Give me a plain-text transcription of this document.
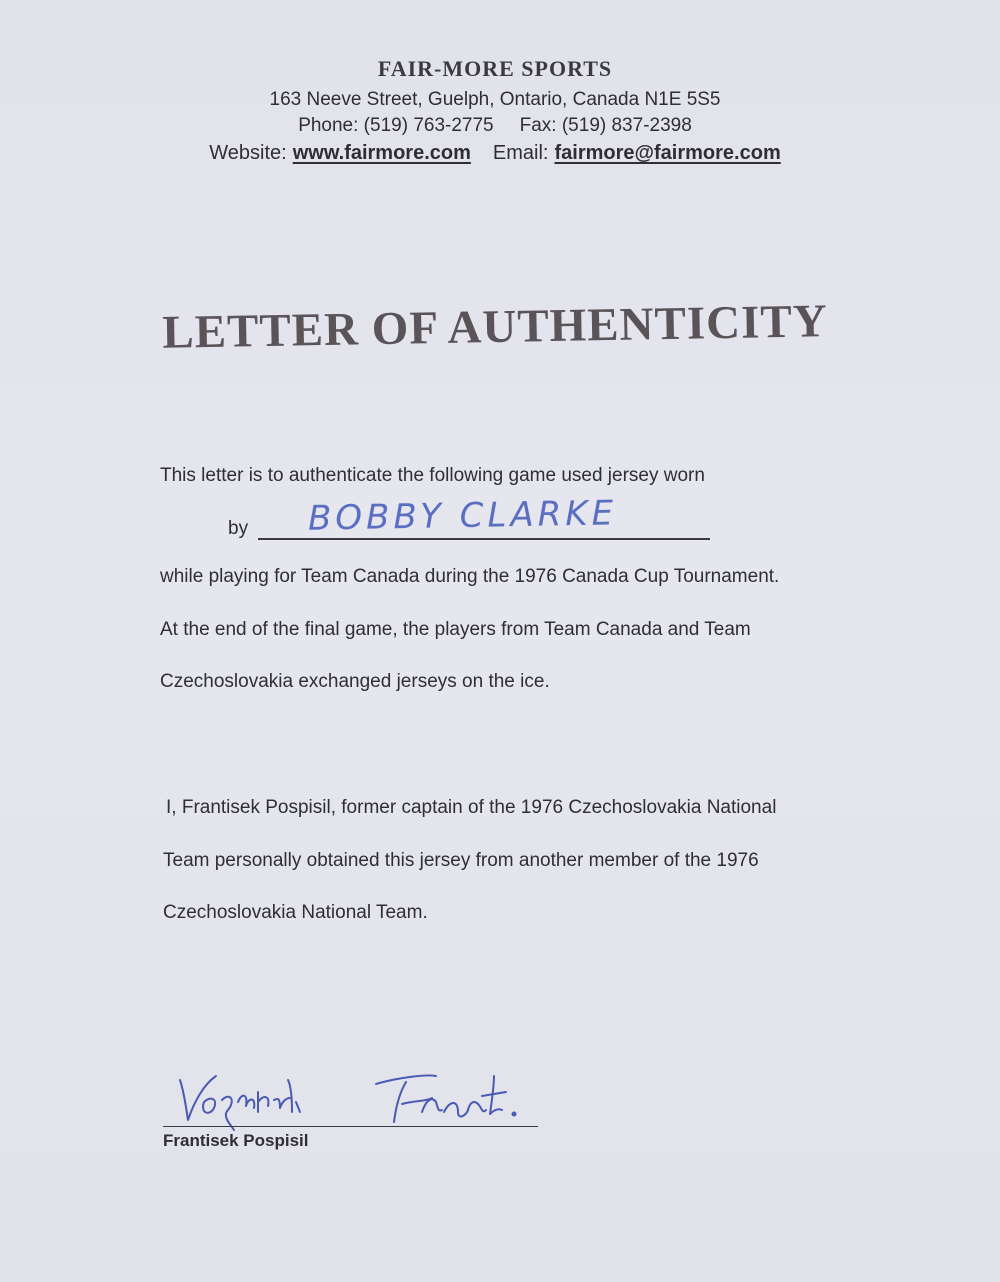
FAIR-MORE SPORTS
163 Neeve Street, Guelph, Ontario, Canada N1E 5S5
Phone: (519) 763-2775 Fax: (519) 837-2398
Website: www.fairmore.com Email: fairmore@fairmore.com
LETTER OF AUTHENTICITY
This letter is to authenticate the following game used jersey worn
by BOBBY CLARKE
while playing for Team Canada during the 1976 Canada Cup Tournament.
At the end of the final game, the players from Team Canada and Team
Czechoslovakia exchanged jerseys on the ice.
I, Frantisek Pospisil, former captain of the 1976 Czechoslovakia National
Team personally obtained this jersey from another member of the 1976
Czechoslovakia National Team.
Frantisek Pospisil
